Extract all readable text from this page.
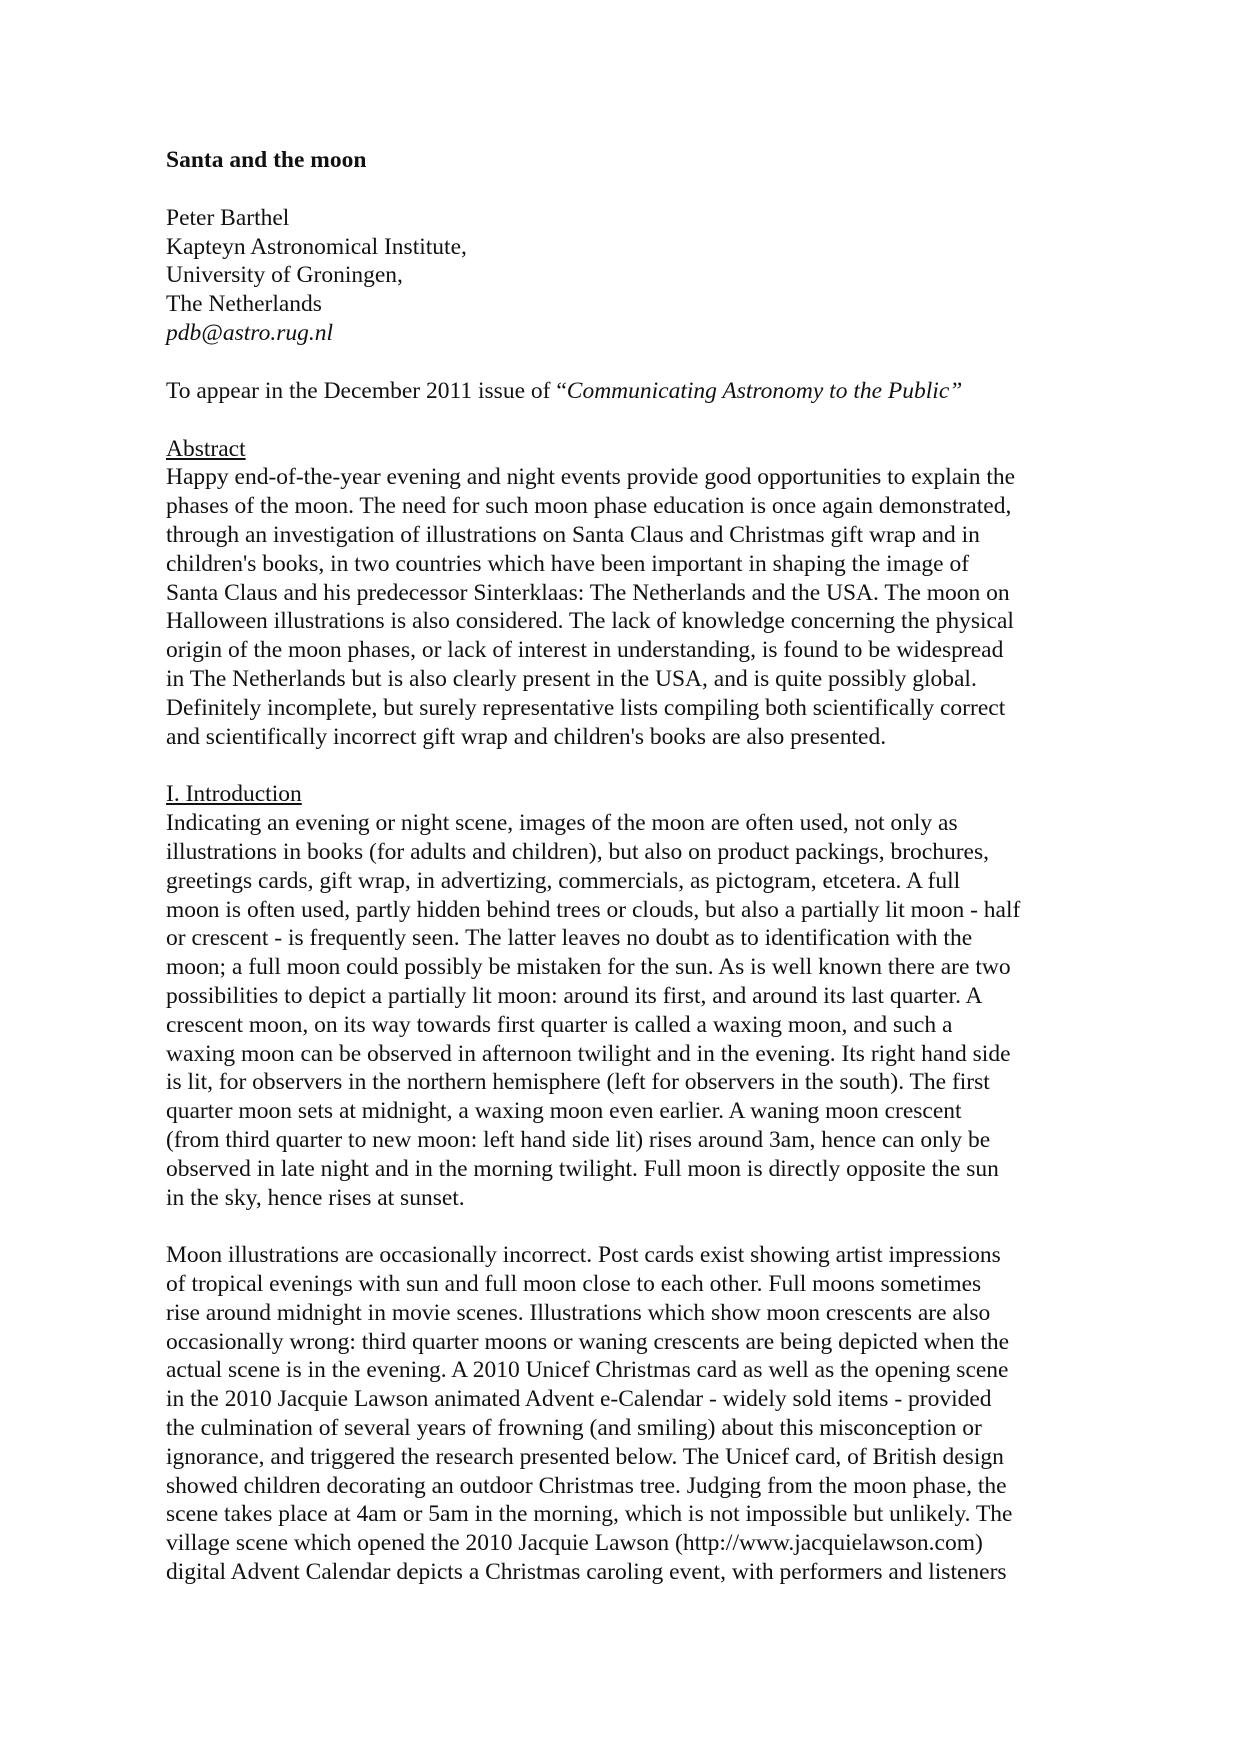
Santa and the moon
Peter Barthel
Kapteyn Astronomical Institute,
University of Groningen,
The Netherlands
pdb@astro.rug.nl
To appear in the December 2011 issue of “Communicating Astronomy to the Public”
Abstract
Happy end-of-the-year evening and night events provide good opportunities to explain the
phases of the moon. The need for such moon phase education is once again demonstrated,
through an investigation of illustrations on Santa Claus and Christmas gift wrap and in
children's books, in two countries which have been important in shaping the image of
Santa Claus and his predecessor Sinterklaas: The Netherlands and the USA. The moon on
Halloween illustrations is also considered. The lack of knowledge concerning the physical
origin of the moon phases, or lack of interest in understanding, is found to be widespread
in The Netherlands but is also clearly present in the USA, and is quite possibly global.
Definitely incomplete, but surely representative lists compiling both scientifically correct
and scientifically incorrect gift wrap and children's books are also presented.
I. Introduction
Indicating an evening or night scene, images of the moon are often used, not only as
illustrations in books (for adults and children), but also on product packings, brochures,
greetings cards, gift wrap, in advertizing, commercials, as pictogram, etcetera. A full
moon is often used, partly hidden behind trees or clouds, but also a partially lit moon - half
or crescent - is frequently seen. The latter leaves no doubt as to identification with the
moon; a full moon could possibly be mistaken for the sun. As is well known there are two
possibilities to depict a partially lit moon: around its first, and around its last quarter. A
crescent moon, on its way towards first quarter is called a waxing moon, and such a
waxing moon can be observed in afternoon twilight and in the evening. Its right hand side
is lit, for observers in the northern hemisphere (left for observers in the south). The first
quarter moon sets at midnight, a waxing moon even earlier. A waning moon crescent
(from third quarter to new moon: left hand side lit) rises around 3am, hence can only be
observed in late night and in the morning twilight. Full moon is directly opposite the sun
in the sky, hence rises at sunset.
Moon illustrations are occasionally incorrect. Post cards exist showing artist impressions
of tropical evenings with sun and full moon close to each other. Full moons sometimes
rise around midnight in movie scenes. Illustrations which show moon crescents are also
occasionally wrong: third quarter moons or waning crescents are being depicted when the
actual scene is in the evening. A 2010 Unicef Christmas card as well as the opening scene
in the 2010 Jacquie Lawson animated Advent e-Calendar - widely sold items - provided
the culmination of several years of frowning (and smiling) about this misconception or
ignorance, and triggered the research presented below. The Unicef card, of British design
showed children decorating an outdoor Christmas tree. Judging from the moon phase, the
scene takes place at 4am or 5am in the morning, which is not impossible but unlikely. The
village scene which opened the 2010 Jacquie Lawson (http://www.jacquielawson.com)
digital Advent Calendar depicts a Christmas caroling event, with performers and listeners
